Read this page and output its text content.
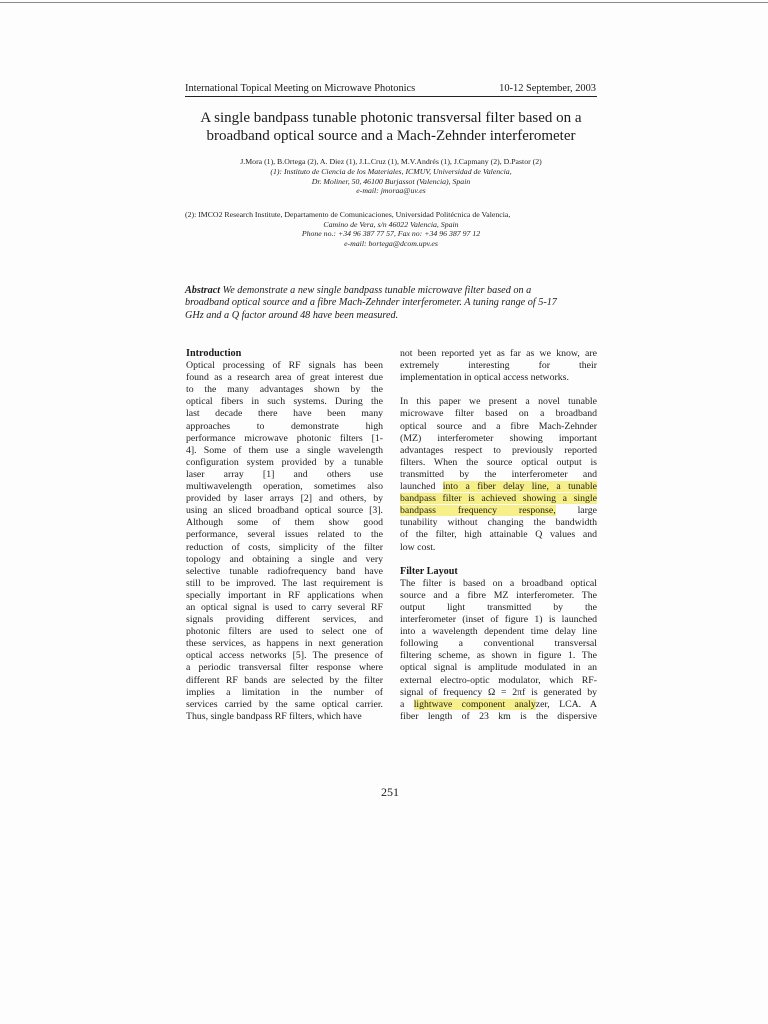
International Topical Meeting on Microwave Photonics	10-12 September, 2003
A single bandpass tunable photonic transversal filter based on a
broadband optical source and a Mach-Zehnder interferometer
J.Mora (1), B.Ortega (2), A. Diez (1), J.L.Cruz (1), M.V.Andrés (1), J.Capmany (2), D.Pastor (2)
(1): Instituto de Ciencia de los Materiales, ICMUV, Universidad de Valencia,
Dr. Moliner, 50, 46100 Burjassot (Valencia), Spain
e-mail: jmoraa@uv.es
(2): IMCO2 Research Institute, Departamento de Comunicaciones, Universidad Politécnica de Valencia,
Camino de Vera, s/n 46022 Valencia, Spain
Phone no.: +34 96 387 77 57, Fax no: +34 96 387 97 12
e-mail: bortega@dcom.upv.es
Abstract We demonstrate a new single bandpass tunable microwave filter based on a
broadband optical source and a fibre Mach-Zehnder interferometer. A tuning range of 5-17
GHz and a Q factor around 48 have been measured.
Introduction
Optical processing of RF signals has been
found as a research area of great interest due
to the many advantages shown by the
optical fibers in such systems. During the
last decade there have been many
approaches to demonstrate high
performance microwave photonic filters [1-
4]. Some of them use a single wavelength
configuration system provided by a tunable
laser array [1] and others use
multiwavelength operation, sometimes also
provided by laser arrays [2] and others, by
using an sliced broadband optical source [3].
Although some of them show good
performance, several issues related to the
reduction of costs, simplicity of the filter
topology and obtaining a single and very
selective tunable radiofrequency band have
still to be improved. The last requirement is
specially important in RF applications when
an optical signal is used to carry several RF
signals providing different services, and
photonic filters are used to select one of
these services, as happens in next generation
optical access networks [5]. The presence of
a periodic transversal filter response where
different RF bands are selected by the filter
implies a limitation in the number of
services carried by the same optical carrier.
Thus, single bandpass RF filters, which have
not been reported yet as far as we know, are
extremely interesting for their
implementation in optical access networks.
In this paper we present a novel tunable
microwave filter based on a broadband
optical source and a fibre Mach-Zehnder
(MZ) interferometer showing important
advantages respect to previously reported
filters. When the source optical output is
transmitted by the interferometer and
launched into a fiber delay line, a tunable
bandpass filter is achieved showing a single
bandpass frequency response, large
tunability without changing the bandwidth
of the filter, high attainable Q values and
low cost.
Filter Layout
The filter is based on a broadband optical
source and a fibre MZ interferometer. The
output light transmitted by the
interferometer (inset of figure 1) is launched
into a wavelength dependent time delay line
following a conventional transversal
filtering scheme, as shown in figure 1. The
optical signal is amplitude modulated in an
external electro-optic modulator, which RF-
signal of frequency Ω = 2πf is generated by
a lightwave component analyzer, LCA. A
fiber length of 23 km is the dispersive
251
